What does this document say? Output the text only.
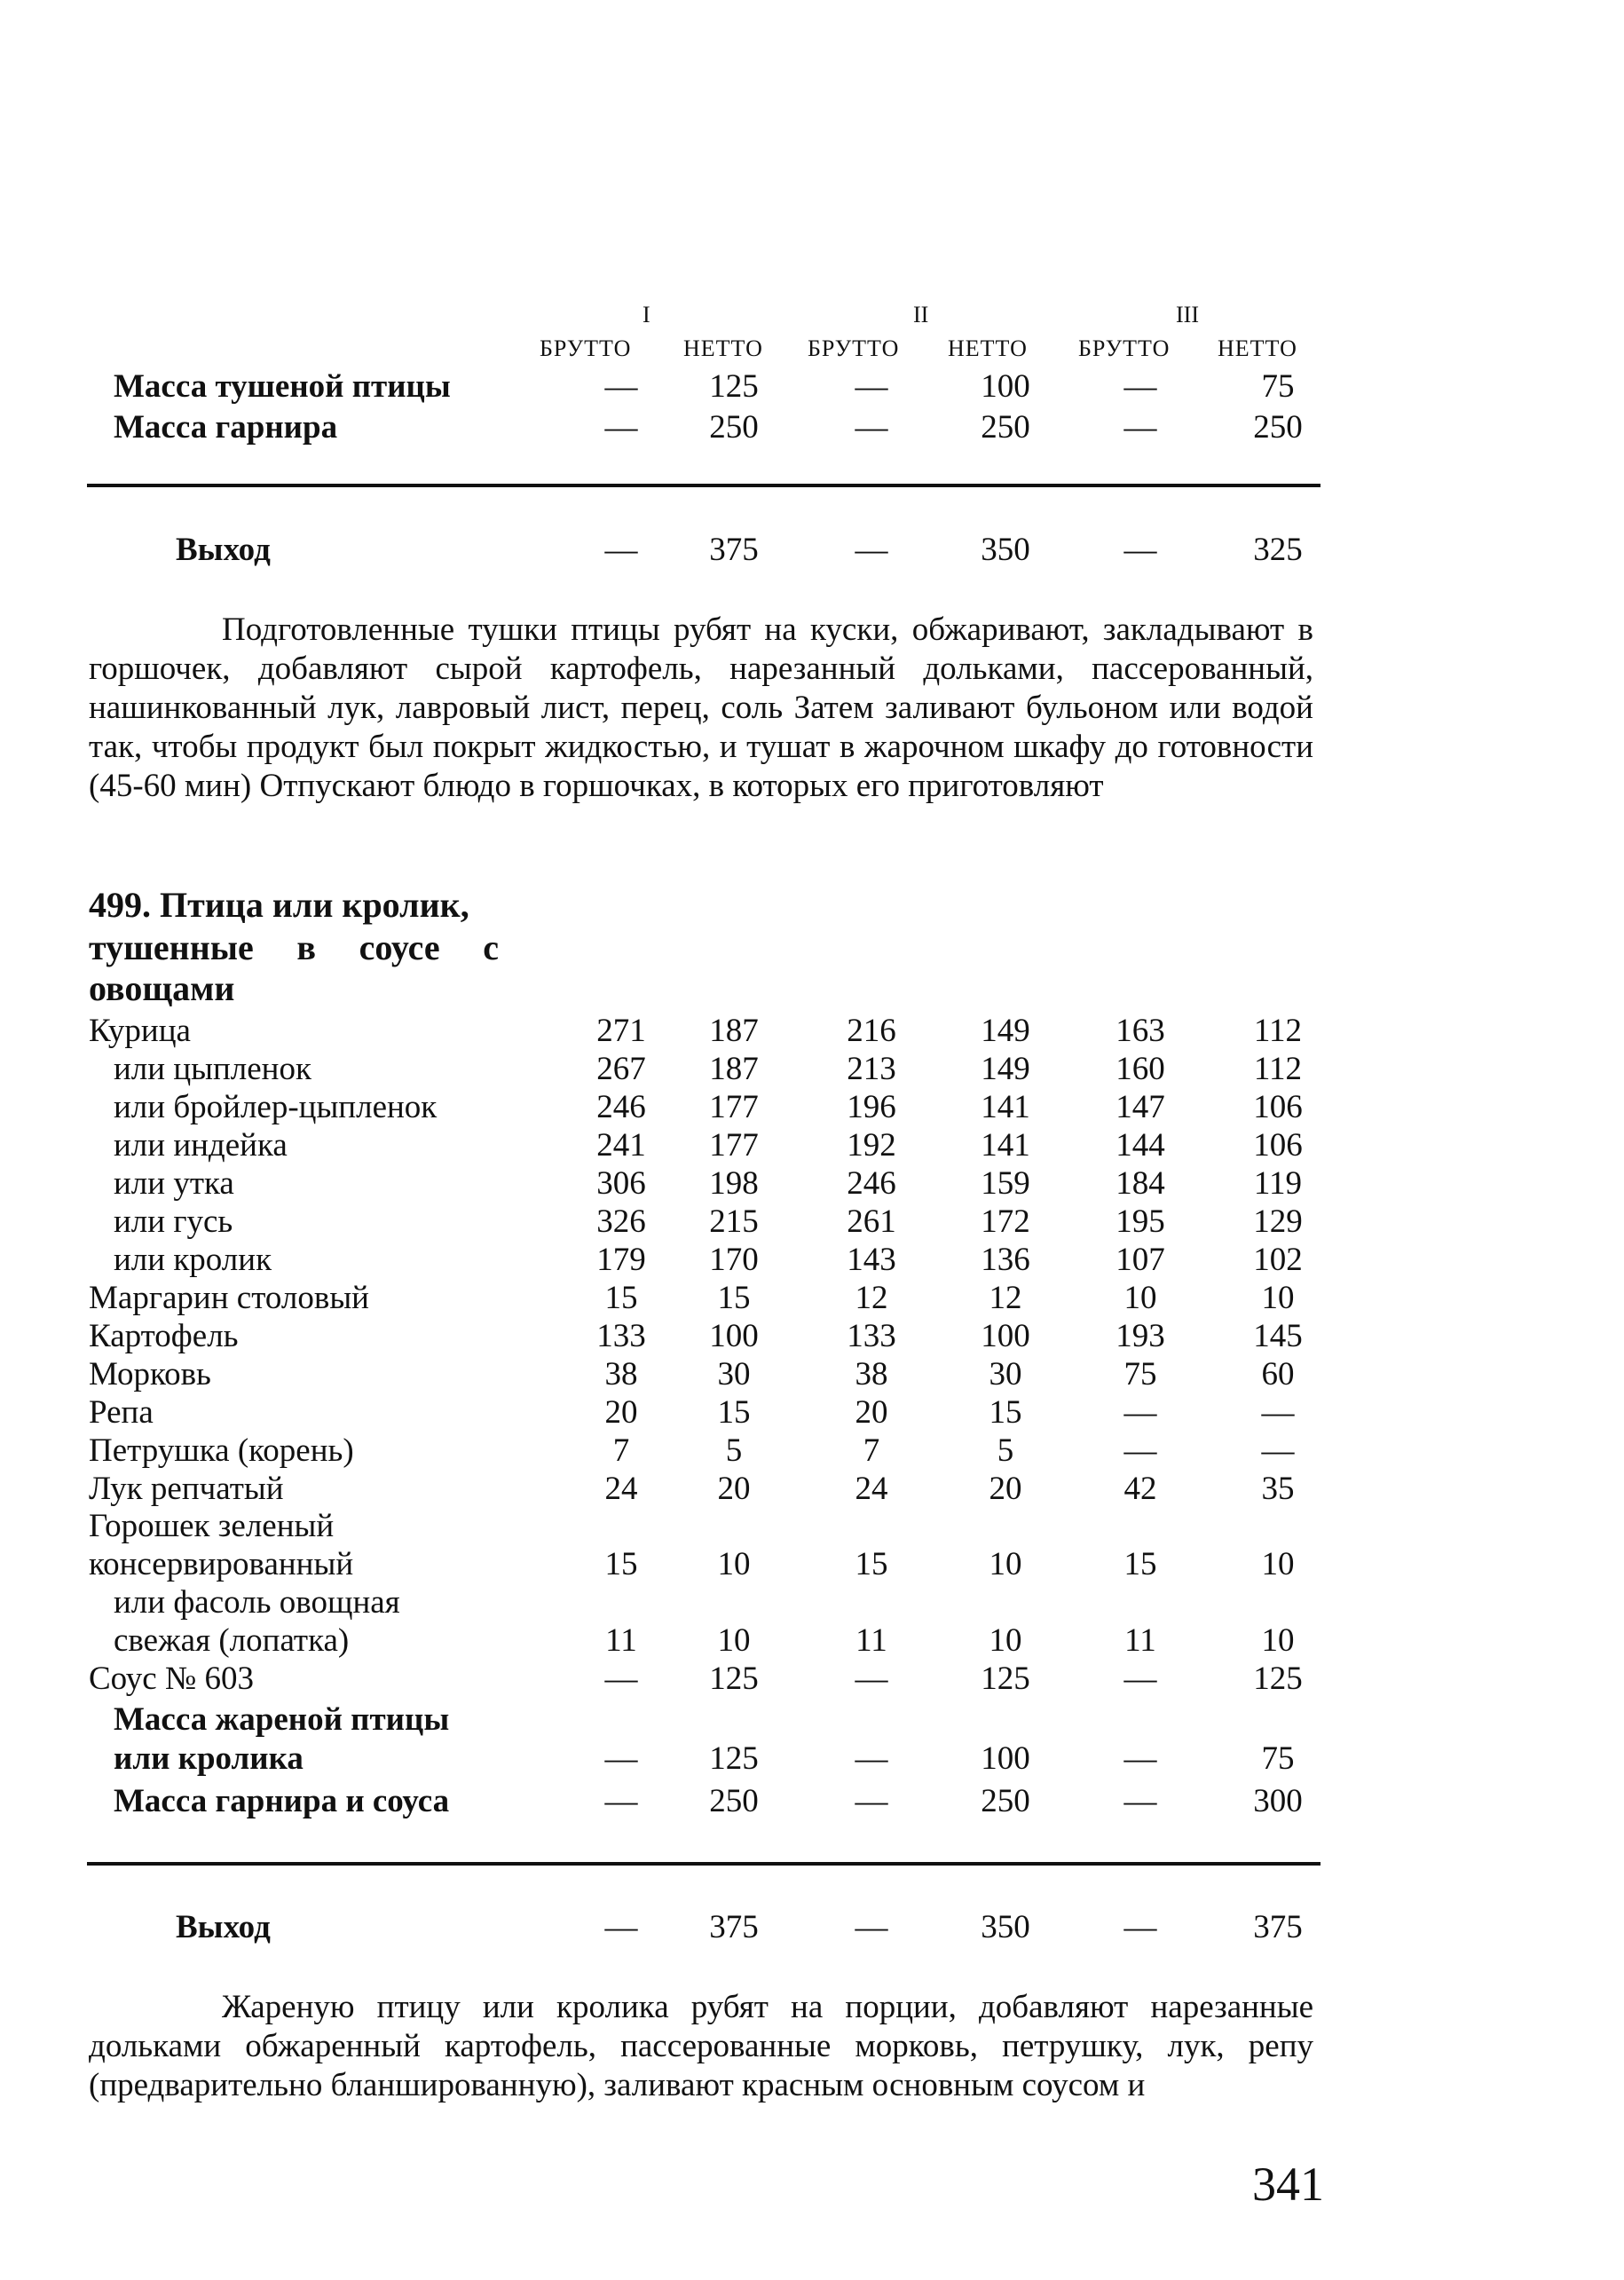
I	II	III
БРУТТО НЕТТО БРУТТО НЕТТО БРУТТО НЕТТО
Масса тушеной птицы	—	125	—	100	—	75
Масса гарнира	—	250	—	250	—	250
Выход	—	375	—	350	—	325
Подготовленные тушки птицы рубят на куски, обжаривают, закладывают в горшочек, добавляют сырой картофель, нарезанный дольками, пассерованный, нашинкованный лук, лавровый лист, перец, соль Затем заливают бульоном или водой так, чтобы продукт был покрыт жидкостью, и тушат в жарочном шкафу до готовности (45-60 мин) Отпускают блюдо в горшочках, в которых его приготовляют
499. Птица или кролик,
тушенные в соусе с
овощами
Курица	271	187	216	149	163	112
или цыпленок	267	187	213	149	160	112
или бройлер-цыпленок	246	177	196	141	147	106
или индейка	241	177	192	141	144	106
или утка	306	198	246	159	184	119
или гусь	326	215	261	172	195	129
или кролик	179	170	143	136	107	102
Маргарин столовый	15	15	12	12	10	10
Картофель	133	100	133	100	193	145
Морковь	38	30	38	30	75	60
Репа	20	15	20	15	—	—
Петрушка (корень)	7	5	7	5	—	—
Лук репчатый	24	20	24	20	42	35
Горошек зеленый
консервированный	15	10	15	10	15	10
или фасоль овощная
свежая (лопатка)	11	10	11	10	11	10
Соус № 603	—	125	—	125	—	125
Масса жареной птицы
или кролика	—	125	—	100	—	75
Масса гарнира и соуса	—	250	—	250	—	300
Выход	—	375	—	350	—	375
Жареную птицу или кролика рубят на порции, добавляют нарезанные дольками обжаренный картофель, пассерованные морковь, петрушку, лук, репу (предварительно бланшированную), заливают красным основным соусом и
341
